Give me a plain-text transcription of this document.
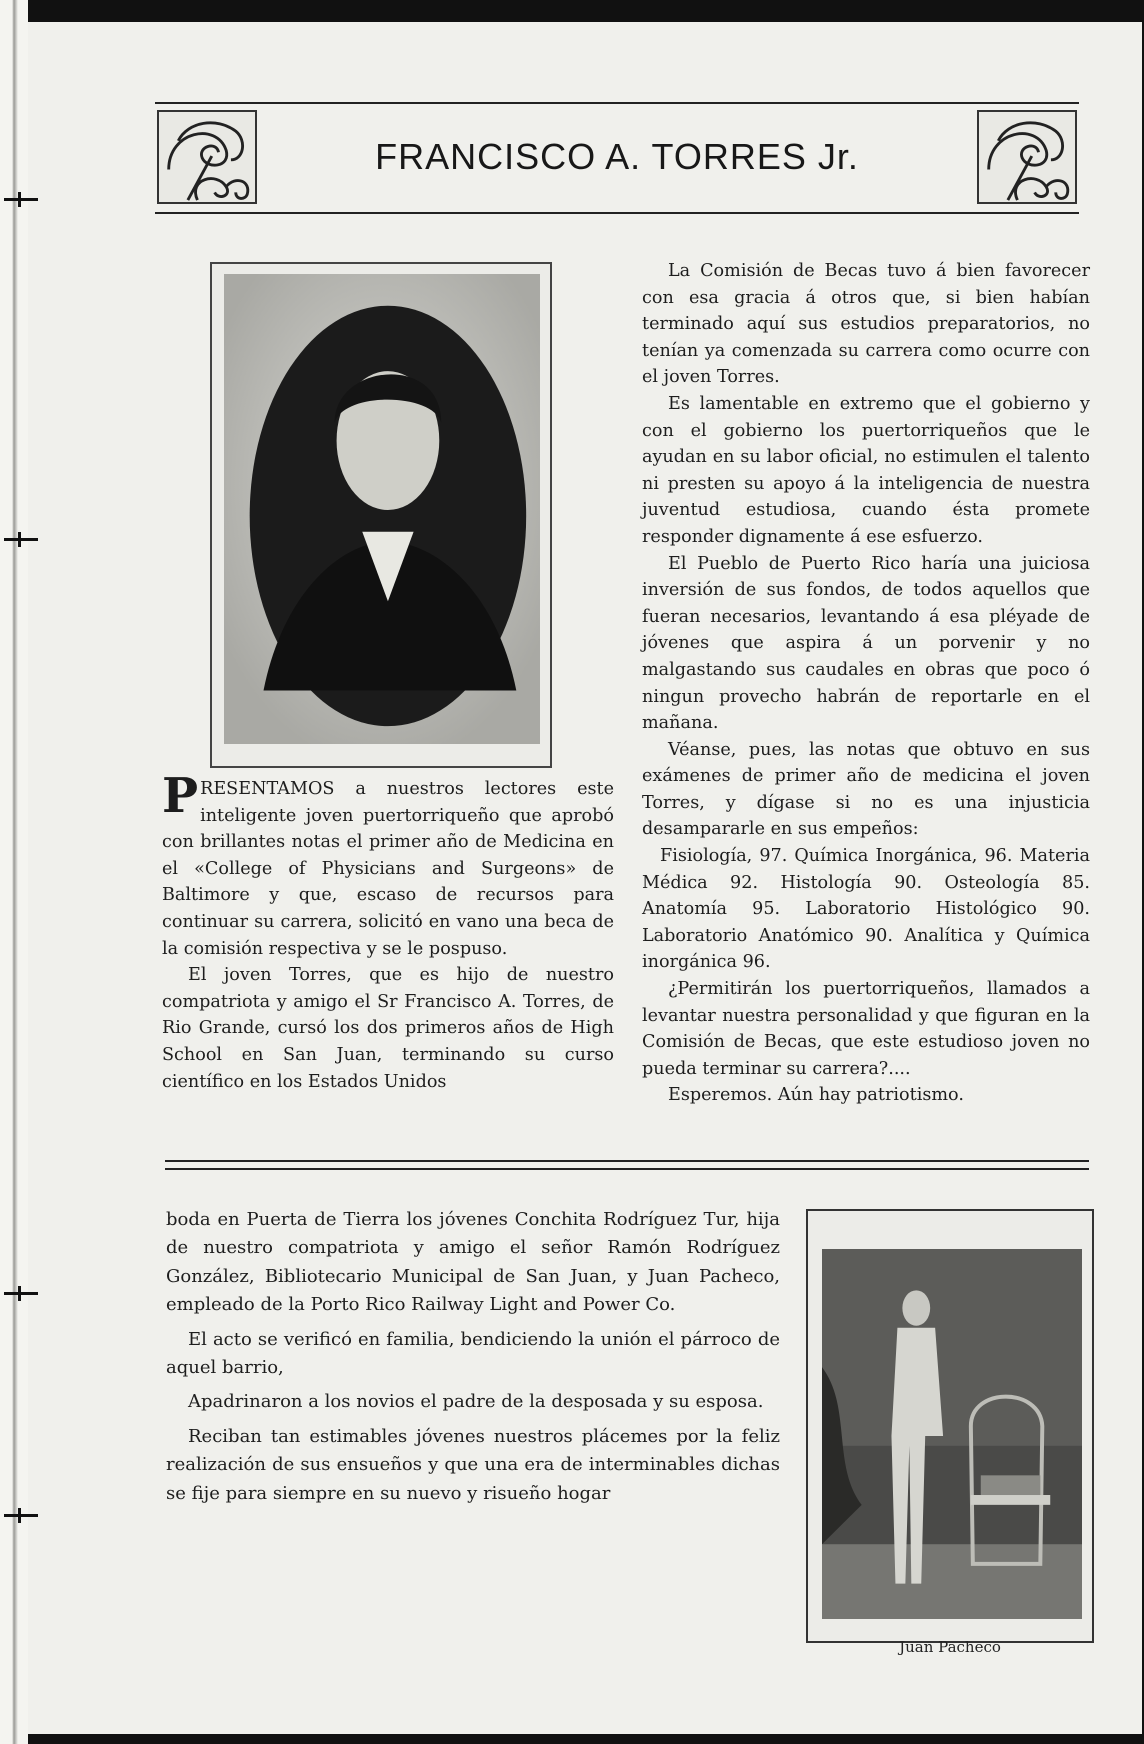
FRANCISCO A. TORRES Jr.

PRESENTAMOS a nuestros lectores este inteligente joven puertorriqueño que aprobó con brillantes notas el primer año de Medicina en el «College of Physicians and Surgeons» de Baltimore y que, escaso de recursos para continuar su carrera, solicitó en vano una beca de la comisión respectiva y se le pospuso.

El joven Torres, que es hijo de nuestro compatriota y amigo el Sr Francisco A. Torres, de Rio Grande, cursó los dos primeros años de High School en San Juan, terminando su curso científico en los Estados Unidos

La Comisión de Becas tuvo á bien favorecer con esa gracia á otros que, si bien habían terminado aquí sus estudios preparatorios, no tenían ya comenzada su carrera como ocurre con el joven Torres.

Es lamentable en extremo que el gobierno y con el gobierno los puertorriqueños que le ayudan en su labor oficial, no estimulen el talento ni presten su apoyo á la inteligencia de nuestra juventud estudiosa, cuando ésta promete responder dignamente á ese esfuerzo.

El Pueblo de Puerto Rico haría una juiciosa inversión de sus fondos, de todos aquellos que fueran necesarios, levantando á esa pléyade de jóvenes que aspira á un porvenir y no malgastando sus caudales en obras que poco ó ningun provecho habrán de reportarle en el mañana.

Véanse, pues, las notas que obtuvo en sus exámenes de primer año de medicina el joven Torres, y dígase si no es una injusticia desampararle en sus empeños:

Fisiología, 97. Química Inorgánica, 96. Materia Médica 92. Histología 90. Osteología 85. Anatomía 95. Laboratorio Histológico 90. Laboratorio Anatómico 90. Analítica y Química inorgánica 96.

¿Permitirán los puertorriqueños, llamados a levantar nuestra personalidad y que figuran en la Comisión de Becas, que este estudioso joven no pueda terminar su carrera?....

Esperemos. Aún hay patriotismo.

boda en Puerta de Tierra los jóvenes Conchita Rodríguez Tur, hija de nuestro compatriota y amigo el señor Ramón Rodríguez González, Bibliotecario Municipal de San Juan, y Juan Pacheco, empleado de la Porto Rico Railway Light and Power Co.

El acto se verificó en familia, bendiciendo la unión el párroco de aquel barrio,

Apadrinaron a los novios el padre de la desposada y su esposa.

Reciban tan estimables jóvenes nuestros plácemes por la feliz realización de sus ensueños y que una era de interminables dichas se fije para siempre en su nuevo y risueño hogar

Juan Pacheco
